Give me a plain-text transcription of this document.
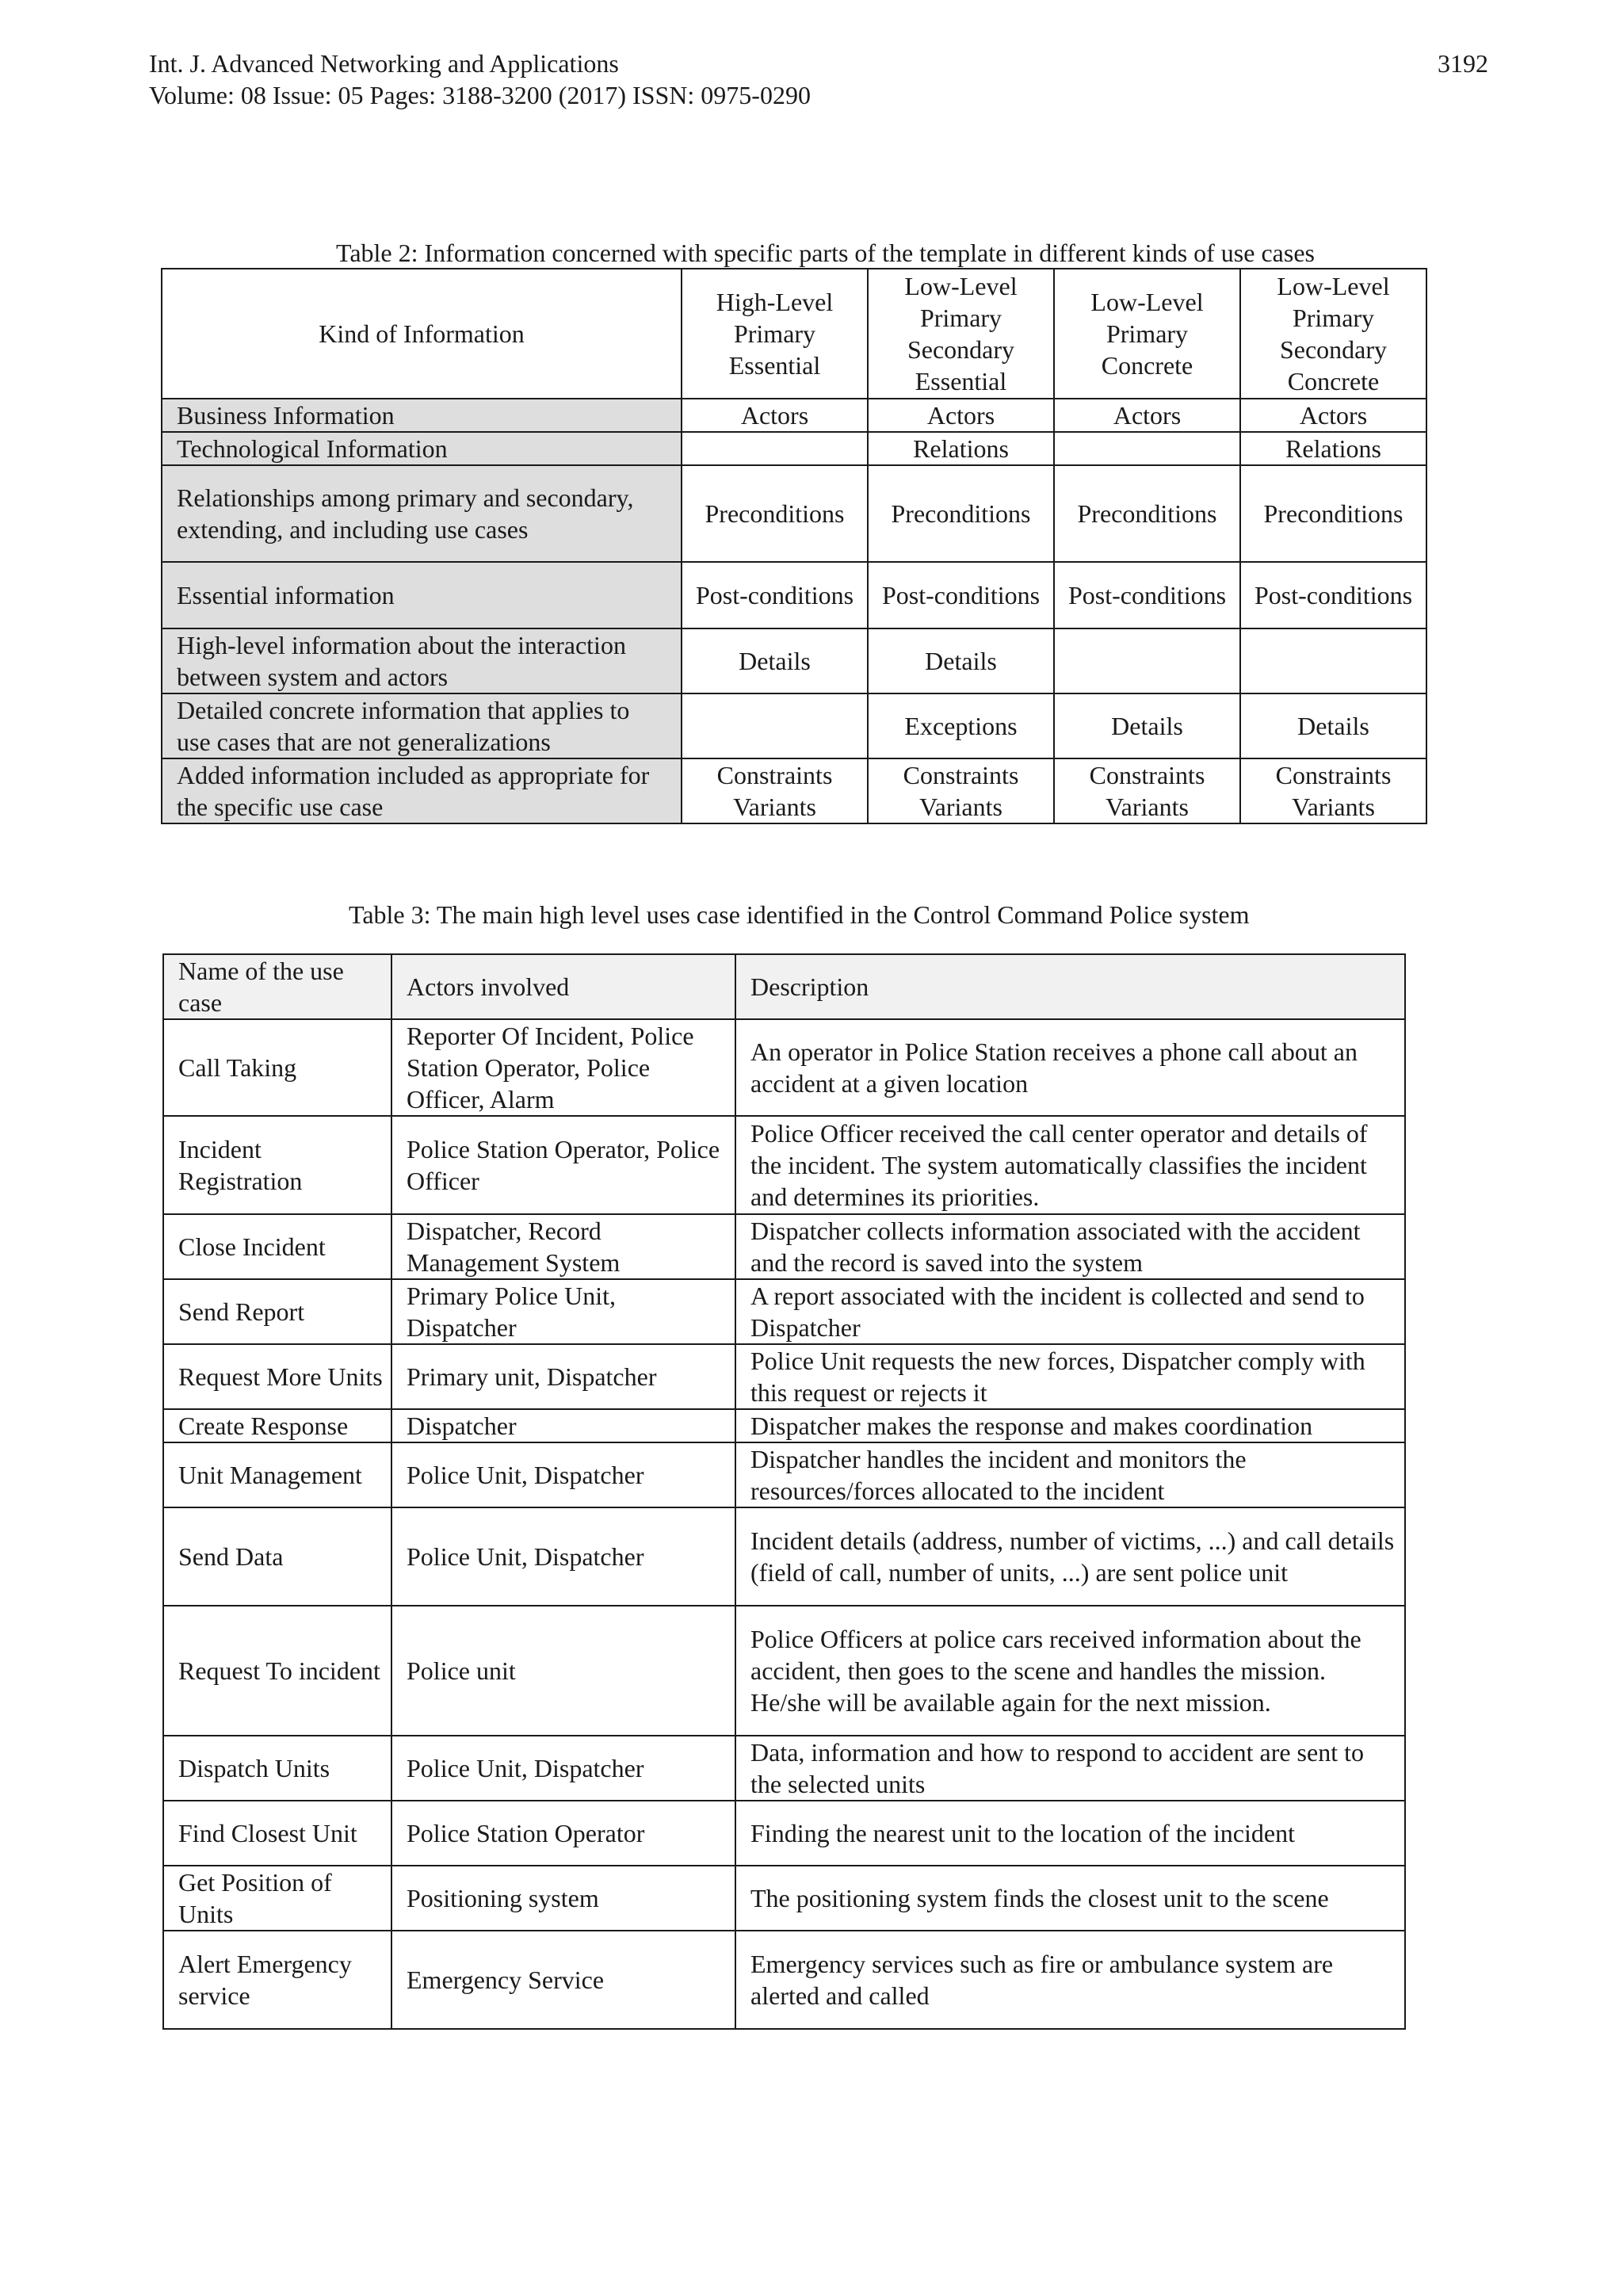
Int. J. Advanced Networking and Applications
Volume: 08 Issue: 05 Pages: 3188-3200 (2017) ISSN: 0975-0290
3192
Table 2: Information concerned with specific parts of the template in different kinds of use cases
Kind of Information	High-Level Primary Essential	Low-Level Primary Secondary Essential	Low-Level Primary Concrete	Low-Level Primary Secondary Concrete
Business Information	Actors	Actors	Actors	Actors
Technological Information		Relations		Relations
Relationships among primary and secondary, extending, and including use cases	Preconditions	Preconditions	Preconditions	Preconditions
Essential information	Post-conditions	Post-conditions	Post-conditions	Post-conditions
High-level information about the interaction between system and actors	Details	Details		
Detailed concrete information that applies to use cases that are not generalizations		Exceptions	Details	Details
Added information included as appropriate for the specific use case	Constraints Variants	Constraints Variants	Constraints Variants	Constraints Variants
Table 3: The main high level uses case identified in the Control Command Police system
Name of the use case	Actors involved	Description
Call Taking	Reporter Of Incident, Police Station Operator, Police Officer, Alarm	An operator in Police Station receives a phone call about an accident at a given location
Incident Registration	Police Station Operator, Police Officer	Police Officer received the call center operator and details of the incident. The system automatically classifies the incident and determines its priorities.
Close Incident	Dispatcher, Record Management System	Dispatcher collects information associated with the accident and the record is saved into the system
Send Report	Primary Police Unit, Dispatcher	A report associated with the incident is collected and send to Dispatcher
Request More Units	Primary unit, Dispatcher	Police Unit requests the new forces, Dispatcher comply with this request or rejects it
Create Response	Dispatcher	Dispatcher makes the response and makes coordination
Unit Management	Police Unit, Dispatcher	Dispatcher handles the incident and monitors the resources/forces allocated to the incident
Send Data	Police Unit, Dispatcher	Incident details (address, number of victims, ...) and call details (field of call, number of units, ...) are sent police unit
Request To incident	Police unit	Police Officers at police cars received information about the accident, then goes to the scene and handles the mission. He/she will be available again for the next mission.
Dispatch Units	Police Unit, Dispatcher	Data, information and how to respond to accident are sent to the selected units
Find Closest Unit	Police Station Operator	Finding the nearest unit to the location of the incident
Get Position of Units	Positioning system	The positioning system finds the closest unit to the scene
Alert Emergency service	Emergency Service	Emergency services such as fire or ambulance system are alerted and called
